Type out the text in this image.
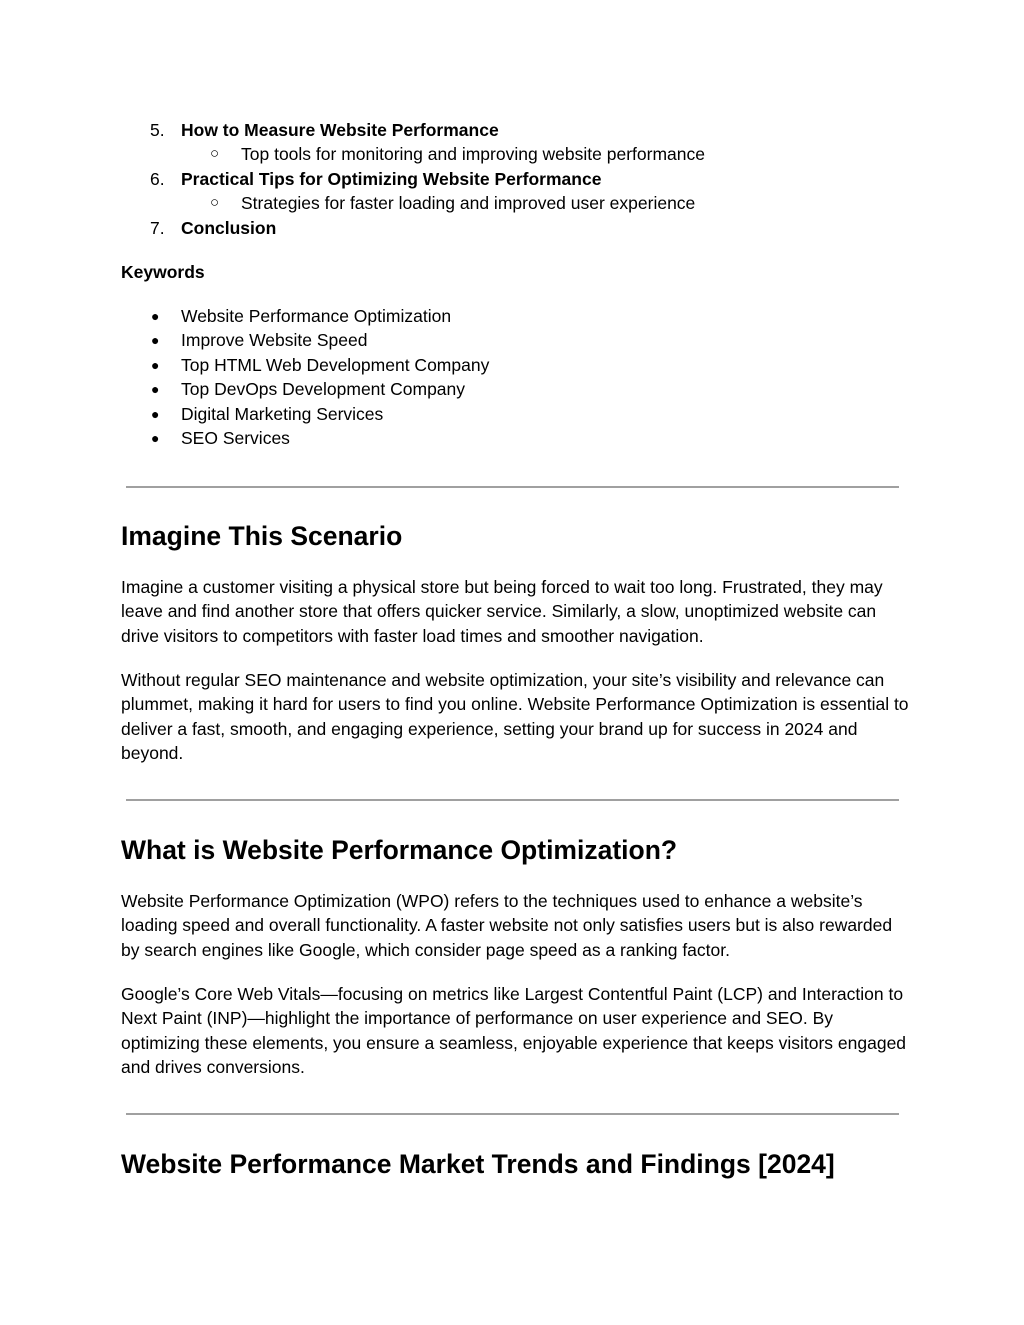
5. How to Measure Website Performance
○ Top tools for monitoring and improving website performance
6. Practical Tips for Optimizing Website Performance
○ Strategies for faster loading and improved user experience
7. Conclusion
Keywords
● Website Performance Optimization
● Improve Website Speed
● Top HTML Web Development Company
● Top DevOps Development Company
● Digital Marketing Services
● SEO Services
Imagine This Scenario

Imagine a customer visiting a physical store but being forced to wait too long. Frustrated, they may leave and find another store that offers quicker service. Similarly, a slow, unoptimized website can drive visitors to competitors with faster load times and smoother navigation.

Without regular SEO maintenance and website optimization, your site’s visibility and relevance can plummet, making it hard for users to find you online. Website Performance Optimization is essential to deliver a fast, smooth, and engaging experience, setting your brand up for success in 2024 and beyond.

What is Website Performance Optimization?

Website Performance Optimization (WPO) refers to the techniques used to enhance a website’s loading speed and overall functionality. A faster website not only satisfies users but is also rewarded by search engines like Google, which consider page speed as a ranking factor.

Google’s Core Web Vitals—focusing on metrics like Largest Contentful Paint (LCP) and Interaction to Next Paint (INP)—highlight the importance of performance on user experience and SEO. By optimizing these elements, you ensure a seamless, enjoyable experience that keeps visitors engaged and drives conversions.

Website Performance Market Trends and Findings [2024]
